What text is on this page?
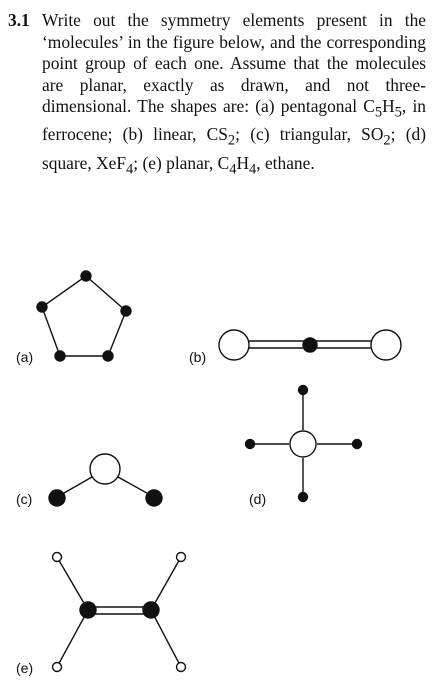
3.1 Write out the symmetry elements present in the ‘molecules’ in the figure below, and the corresponding point group of each one. Assume that the molecules are planar, exactly as drawn, and not three-dimensional. The shapes are: (a) pentagonal $C_5H_5$, in ferrocene; (b) linear, $CS_2$; (c) triangular, $SO_2$; (d) square, XeF$_4$; (e) planar, $C_4H_4$, ethane.
(a)	(b)
(c)	(d)
(e)
